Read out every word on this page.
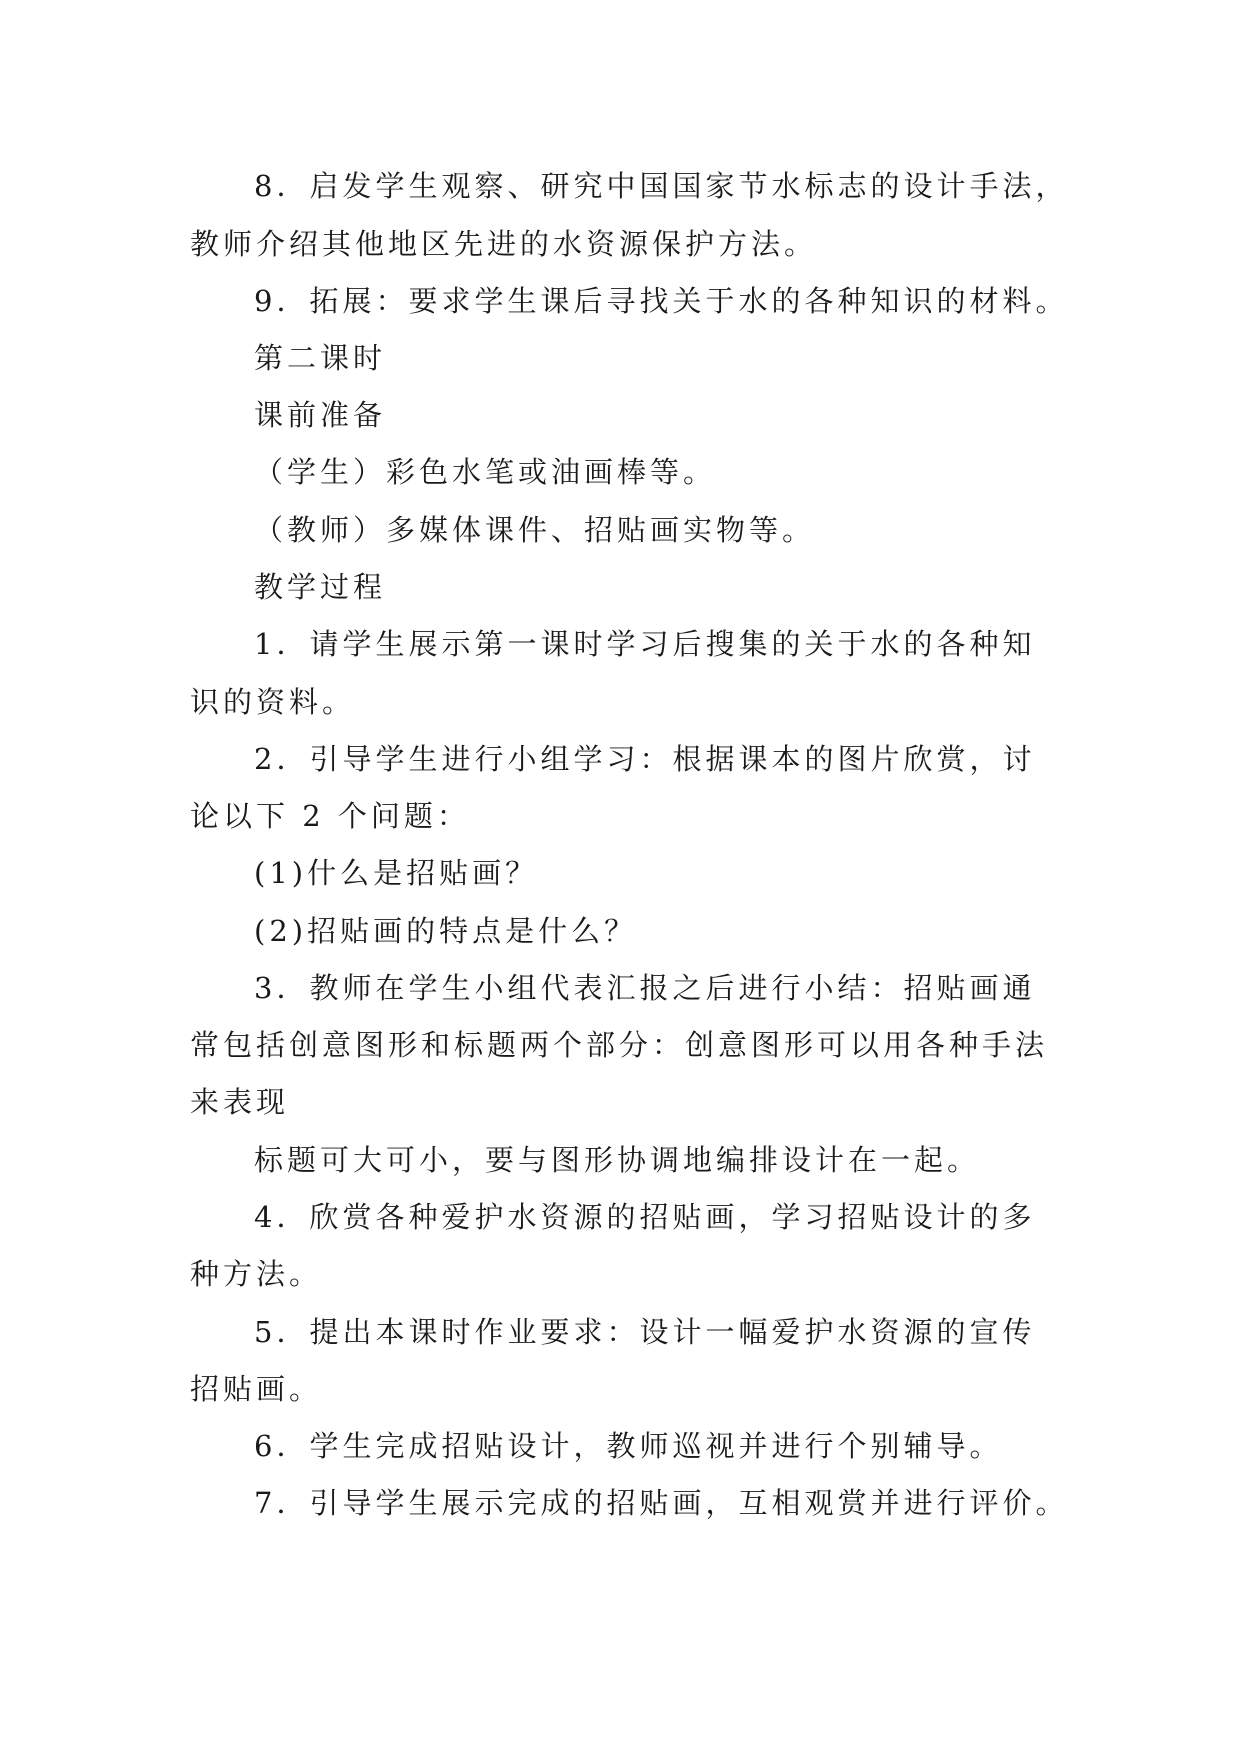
8．启发学生观察、研究中国国家节水标志的设计手法，
教师介绍其他地区先进的水资源保护方法。
9．拓展：要求学生课后寻找关于水的各种知识的材料。
第二课时
课前准备
（学生）彩色水笔或油画棒等。
（教师）多媒体课件、招贴画实物等。
教学过程
1．请学生展示第一课时学习后搜集的关于水的各种知
识的资料。
2．引导学生进行小组学习：根据课本的图片欣赏，讨
论以下 2 个问题：
(1)什么是招贴画？
(2)招贴画的特点是什么？
3．教师在学生小组代表汇报之后进行小结：招贴画通
常包括创意图形和标题两个部分：创意图形可以用各种手法
来表现
标题可大可小，要与图形协调地编排设计在一起。
4．欣赏各种爱护水资源的招贴画，学习招贴设计的多
种方法。
5．提出本课时作业要求：设计一幅爱护水资源的宣传
招贴画。
6．学生完成招贴设计，教师巡视并进行个别辅导。
7．引导学生展示完成的招贴画，互相观赏并进行评价。
